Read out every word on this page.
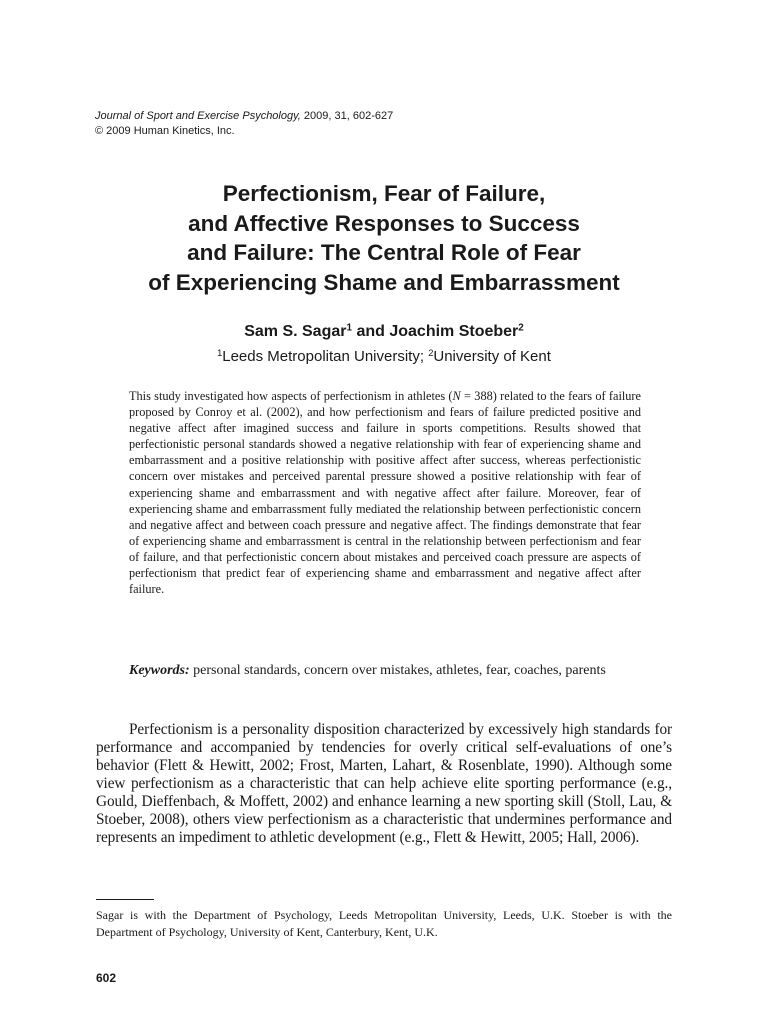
Journal of Sport and Exercise Psychology, 2009, 31, 602-627
© 2009 Human Kinetics, Inc.
Perfectionism, Fear of Failure,
and Affective Responses to Success
and Failure: The Central Role of Fear
of Experiencing Shame and Embarrassment
Sam S. Sagar$^1$ and Joachim Stoeber$^2$
$^1$Leeds Metropolitan University; $^2$University of Kent

This study investigated how aspects of perfectionism in athletes (N = 388) related to the fears of failure proposed by Conroy et al. (2002), and how perfectionism and fears of failure predicted positive and negative affect after imagined success and failure in sports competitions. Results showed that perfectionistic personal standards showed a negative relationship with fear of experiencing shame and embarrassment and a positive relationship with positive affect after success, whereas perfectionistic concern over mistakes and perceived parental pressure showed a positive relationship with fear of experiencing shame and embarrassment and with negative affect after failure. Moreover, fear of experiencing shame and embarrassment fully mediated the relationship between perfectionistic concern and negative affect and between coach pressure and negative affect. The findings demonstrate that fear of experiencing shame and embarrassment is central in the relationship between perfectionism and fear of failure, and that perfectionistic concern about mistakes and perceived coach pressure are aspects of perfectionism that predict fear of experiencing shame and embarrassment and negative affect after failure.

Keywords: personal standards, concern over mistakes, athletes, fear, coaches, parents

Perfectionism is a personality disposition characterized by excessively high standards for performance and accompanied by tendencies for overly critical self-evaluations of one’s behavior (Flett & Hewitt, 2002; Frost, Marten, Lahart, & Rosenblate, 1990). Although some view perfectionism as a characteristic that can help achieve elite sporting performance (e.g., Gould, Dieffenbach, & Moffett, 2002) and enhance learning a new sporting skill (Stoll, Lau, & Stoeber, 2008), others view perfectionism as a characteristic that undermines performance and represents an impediment to athletic development (e.g., Flett & Hewitt, 2005; Hall, 2006).

Sagar is with the Department of Psychology, Leeds Metropolitan University, Leeds, U.K. Stoeber is with the Department of Psychology, University of Kent, Canterbury, Kent, U.K.

602
